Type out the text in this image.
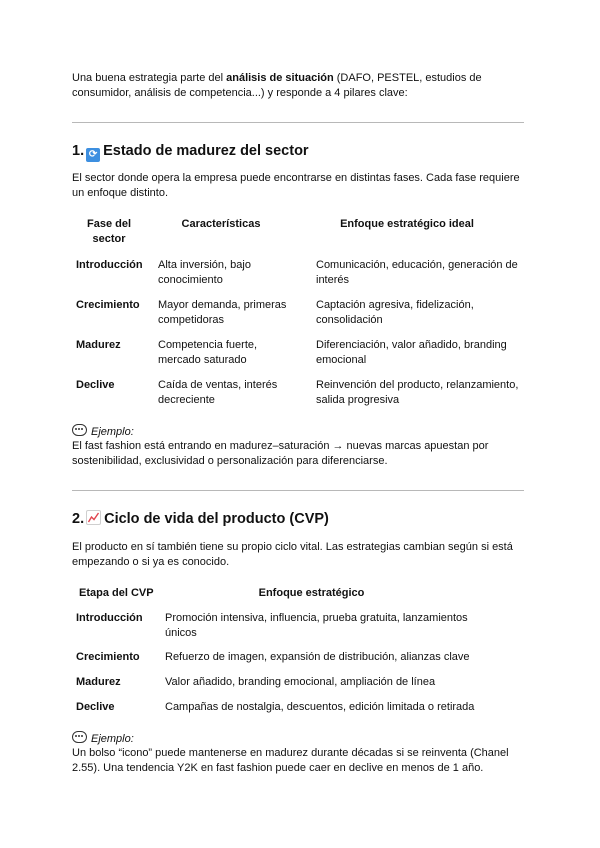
Una buena estrategia parte del análisis de situación (DAFO, PESTEL, estudios de consumidor, análisis de competencia...) y responde a 4 pilares clave:

1. ⟳ Estado de madurez del sector

El sector donde opera la empresa puede encontrarse en distintas fases. Cada fase requiere un enfoque distinto.

Fase del sector	Características	Enfoque estratégico ideal
Introducción	Alta inversión, bajo conocimiento	Comunicación, educación, generación de interés
Crecimiento	Mayor demanda, primeras competidoras	Captación agresiva, fidelización, consolidación
Madurez	Competencia fuerte, mercado saturado	Diferenciación, valor añadido, branding emocional
Declive	Caída de ventas, interés decreciente	Reinvención del producto, relanzamiento, salida progresiva
Ejemplo:

El fast fashion está entrando en madurez–saturación → nuevas marcas apuestan por sostenibilidad, exclusividad o personalización para diferenciarse.

2. Ciclo de vida del producto (CVP)

El producto en sí también tiene su propio ciclo vital. Las estrategias cambian según si está empezando o si ya es conocido.

Etapa del CVP	Enfoque estratégico
Introducción	Promoción intensiva, influencia, prueba gratuita, lanzamientos únicos
Crecimiento	Refuerzo de imagen, expansión de distribución, alianzas clave
Madurez	Valor añadido, branding emocional, ampliación de línea
Declive	Campañas de nostalgia, descuentos, edición limitada o retirada
Ejemplo:

Un bolso “icono” puede mantenerse en madurez durante décadas si se reinventa (Chanel 2.55). Una tendencia Y2K en fast fashion puede caer en declive en menos de 1 año.
